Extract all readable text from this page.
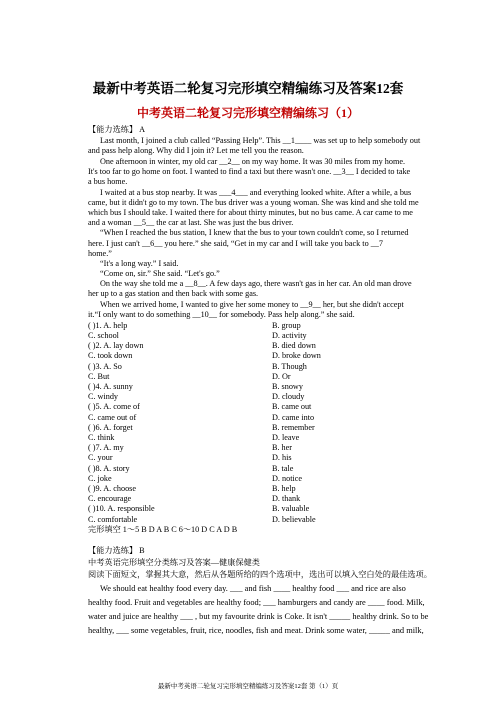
最新中考英语二轮复习完形填空精编练习及答案12套
中考英语二轮复习完形填空精编练习（1）
【能力选练】 A
Last month, I joined a club called “Passing Help”. This __1____ was set up to help somebody out
and pass help along. Why did I join it? Let me tell you the reason.
One afternoon in winter, my old car __2__ on my way home. It was 30 miles from my home.
It's too far to go home on foot. I wanted to find a taxi but there wasn't one. __3__ I decided to take
a bus home.
I waited at a bus stop nearby. It was ___4___ and everything looked white. After a while, a bus
came, but it didn't go to my town. The bus driver was a young woman. She was kind and she told me
which bus I should take. I waited there for about thirty minutes, but no bus came. A car came to me
and a woman __5__ the car at last. She was just the bus driver.
“When I reached the bus station, I knew that the bus to your town couldn't come, so I returned
here. I just can't __6__ you here.” she said, “Get in my car and I will take you back to __7
home.”
“It's a long way.” I said.
“Come on, sir.” She said. “Let's go.”
On the way she told me a __8__. A few days ago, there wasn't gas in her car. An old man drove
her up to a gas station and then back with some gas.
When we arrived home, I wanted to give her some money to __9__ her, but she didn't accept
it.“I only want to do something __10__ for somebody. Pass help along.” she said.
( )1. A. help	B. group
C. school	D. activity
( )2. A. lay down	B. died down
C. took down	D. broke down
( )3. A. So	B. Though
C. But	D. Or
( )4. A. sunny	B. snowy
C. windy	D. cloudy
( )5. A. come of	B. came out
C. came out of	D. came into
( )6. A. forget	B. remember
C. think	D. leave
( )7. A. my	B. her
C. your	D. his
( )8. A. story	B. tale
C. joke	D. notice
( )9. A. choose	B. help
C. encourage	D. thank
( )10. A. responsible	B. valuable
C. comfortable	D. believable
完形填空 1～5 B D A B C 6～10 D C A D B
【能力选练】 B
中考英语完形填空分类练习及答案—健康保健类
阅读下面短文，掌握其大意，然后从各题所给的四个选项中，选出可以填入空白处的最佳选项。
We should eat healthy food every day. ___ and fish ____ healthy food ___ and rice are also
healthy food. Fruit and vegetables are healthy food; ___ hamburgers and candy are ____ food. Milk,
water and juice are healthy ___ , but my favourite drink is Coke. It isn't _____ healthy drink. So to be
healthy, ___ some vegetables, fruit, rice, noodles, fish and meat. Drink some water, _____ and milk,
最新中考英语二轮复习完形填空精编练习及答案12套 第（1）页
